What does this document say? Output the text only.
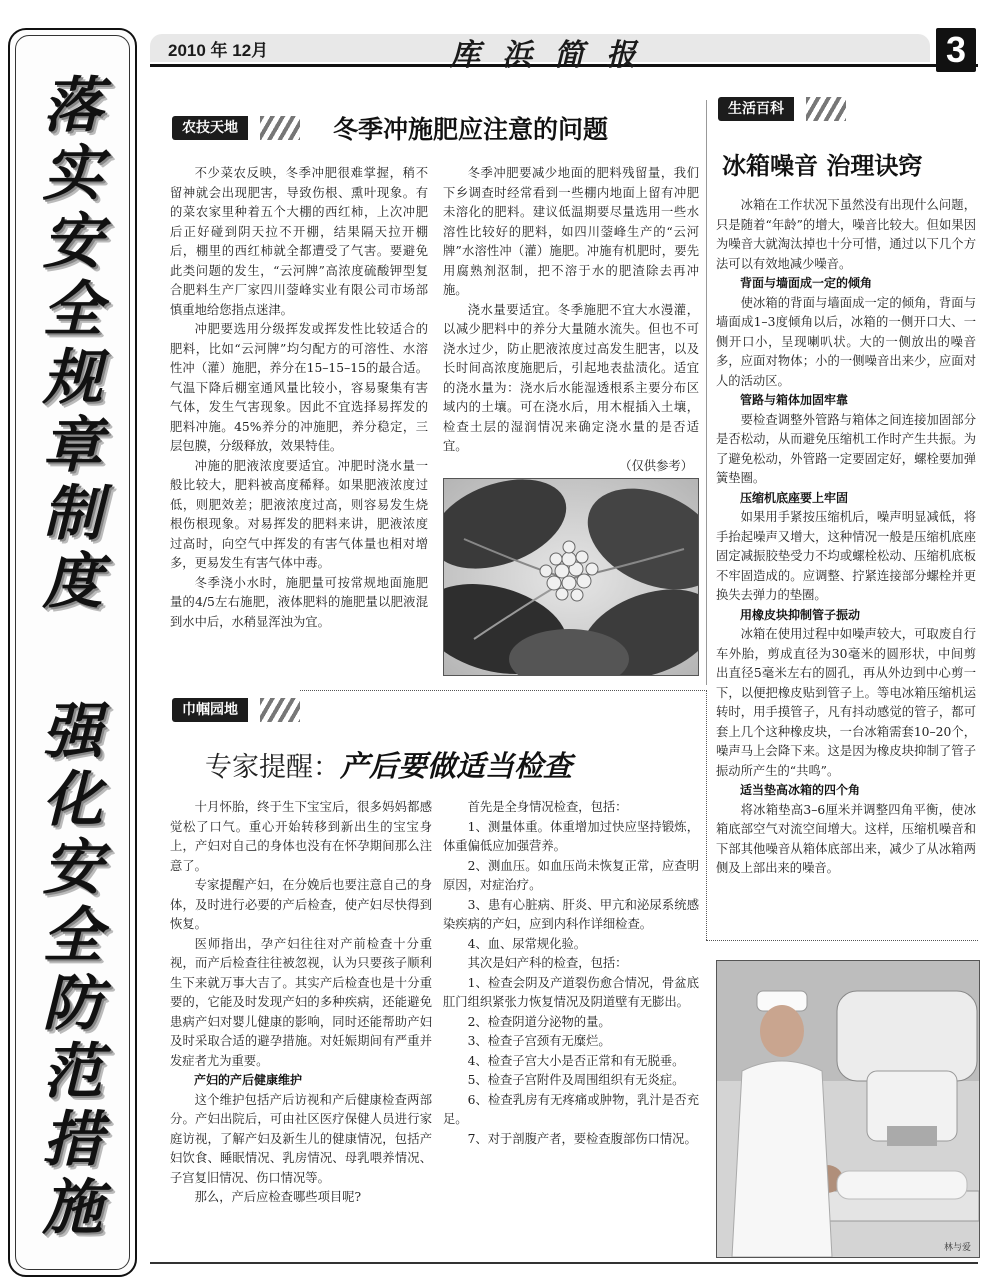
落
实
安
全
规
章
制
度
强
化
安
全
防
范
措
施
2010 年 12月	库浜简报	3
农技天地	冬季冲施肥应注意的问题

不少菜农反映，冬季冲肥很难掌握，稍不留神就会出现肥害，导致伤根、熏叶现象。有的菜农家里种着五个大棚的西红柿，上次冲肥后正好碰到阴天拉不开棚，结果隔天拉开棚后，棚里的西红柿就全都遭受了气害。要避免此类问题的发生，“云河牌”高浓度硫酸钾型复合肥料生产厂家四川蓥峰实业有限公司市场部慎重地给您指点迷津。

冲肥要选用分级挥发或挥发性比较适合的肥料，比如“云河牌”均匀配方的可溶性、水溶性冲（灌）施肥，养分在15–15–15的最合适。气温下降后棚室通风量比较小，容易聚集有害气体，发生气害现象。因此不宜选择易挥发的肥料冲施。45%养分的冲施肥，养分稳定，三层包膜，分级释放，效果特佳。

冲施的肥液浓度要适宜。冲肥时浇水量一般比较大，肥料被高度稀释。如果肥液浓度过低，则肥效差；肥液浓度过高，则容易发生烧根伤根现象。对易挥发的肥料来讲，肥液浓度过高时，向空气中挥发的有害气体量也相对增多，更易发生有害气体中毒。

冬季浇小水时，施肥量可按常规地面施肥量的4/5左右施肥，液体肥料的施肥量以肥液混到水中后，水稍显浑浊为宜。

冬季冲肥要减少地面的肥料残留量，我们下乡调查时经常看到一些棚内地面上留有冲肥未溶化的肥料。建议低温期要尽量选用一些水溶性比较好的肥料，如四川蓥峰生产的“云河牌”水溶性冲（灌）施肥。冲施有机肥时，要先用腐熟剂沤制，把不溶于水的肥渣除去再冲施。

浇水量要适宜。冬季施肥不宜大水漫灌，以减少肥料中的养分大量随水流失。但也不可浇水过少，防止肥液浓度过高发生肥害，以及长时间高浓度施肥后，引起地表盐渍化。适宜的浇水量为：浇水后水能湿透根系主要分布区域内的土壤。可在浇水后，用木棍插入土壤，检查土层的湿润情况来确定浇水量的是否适宜。

（仅供参考）

巾帼园地
专家提醒：产后要做适当检查

十月怀胎，终于生下宝宝后，很多妈妈都感觉松了口气。重心开始转移到新出生的宝宝身上，产妇对自己的身体也没有在怀孕期间那么注意了。

专家提醒产妇，在分娩后也要注意自己的身体，及时进行必要的产后检查，使产妇尽快得到恢复。

医师指出，孕产妇往往对产前检查十分重视，而产后检查往往被忽视，认为只要孩子顺利生下来就万事大吉了。其实产后检查也是十分重要的，它能及时发现产妇的多种疾病，还能避免患病产妇对婴儿健康的影响，同时还能帮助产妇及时采取合适的避孕措施。对妊娠期间有严重并发症者尤为重要。

产妇的产后健康维护

这个维护包括产后访视和产后健康检查两部分。产妇出院后，可由社区医疗保健人员进行家庭访视，了解产妇及新生儿的健康情况，包括产妇饮食、睡眠情况、乳房情况、母乳喂养情况、子宫复旧情况、伤口情况等。

那么，产后应检查哪些项目呢?

首先是全身情况检查，包括：

1、测量体重。体重增加过快应坚持锻炼，体重偏低应加强营养。

2、测血压。如血压尚未恢复正常，应查明原因，对症治疗。

3、患有心脏病、肝炎、甲亢和泌尿系统感染疾病的产妇，应到内科作详细检查。

4、血、尿常规化验。

其次是妇产科的检查，包括：

1、检查会阴及产道裂伤愈合情况，骨盆底肛门组织紧张力恢复情况及阴道壁有无膨出。

2、检查阴道分泌物的量。

3、检查子宫颈有无糜烂。

4、检查子宫大小是否正常和有无脱垂。

5、检查子宫附件及周围组织有无炎症。

6、检查乳房有无疼痛或肿物，乳汁是否充足。

7、对于剖腹产者，要检查腹部伤口情况。

生活百科
冰箱噪音 治理诀窍

冰箱在工作状况下虽然没有出现什么问题，只是随着“年龄”的增大，噪音比较大。但如果因为噪音大就淘汰掉也十分可惜，通过以下几个方法可以有效地减少噪音。

背面与墙面成一定的倾角

使冰箱的背面与墙面成一定的倾角，背面与墙面成1–3度倾角以后，冰箱的一侧开口大、一侧开口小，呈现喇叭状。大的一侧放出的噪音多，应面对物体；小的一侧噪音出来少，应面对人的活动区。

管路与箱体加固牢靠

要检查调整外管路与箱体之间连接加固部分是否松动，从而避免压缩机工作时产生共振。为了避免松动，外管路一定要固定好，螺栓要加弹簧垫圈。

压缩机底座要上牢固

如果用手紧按压缩机后，噪声明显减低，将手抬起噪声又增大，这种情况一般是压缩机底座固定减振胶垫受力不均或螺栓松动、压缩机底板不牢固造成的。应调整、拧紧连接部分螺栓并更换失去弹力的垫圈。

用橡皮块抑制管子振动

冰箱在使用过程中如噪声较大，可取废自行车外胎，剪成直径为30毫米的圆形状，中间剪出直径5毫米左右的圆孔，再从外边到中心剪一下，以便把橡皮贴到管子上。等电冰箱压缩机运转时，用手摸管子，凡有抖动感觉的管子，都可套上几个这种橡皮块，一台冰箱需套10–20个，噪声马上会降下来。这是因为橡皮块抑制了管子振动所产生的“共鸣”。

适当垫高冰箱的四个角

将冰箱垫高3–6厘米并调整四角平衡，使冰箱底部空气对流空间增大。这样，压缩机噪音和下部其他噪音从箱体底部出来，减少了从冰箱两侧及上部出来的噪音。

林与爱
